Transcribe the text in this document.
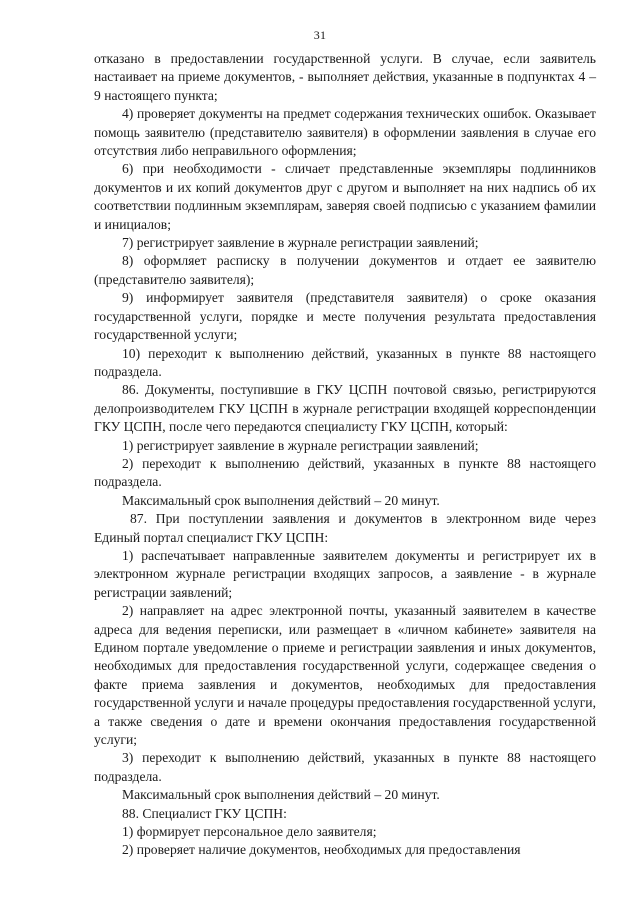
31

отказано в предоставлении государственной услуги. В случае, если заявитель настаивает на приеме документов, - выполняет действия, указанные в подпунктах 4 – 9 настоящего пункта;

4) проверяет документы на предмет содержания технических ошибок. Оказывает помощь заявителю (представителю заявителя) в оформлении заявления в случае его отсутствия либо неправильного оформления;

6) при необходимости - сличает представленные экземпляры подлинников документов и их копий документов друг с другом и выполняет на них надпись об их соответствии подлинным экземплярам, заверяя своей подписью с указанием фамилии и инициалов;

7) регистрирует заявление в журнале регистрации заявлений;

8) оформляет расписку в получении документов и отдает ее заявителю (представителю заявителя);

9) информирует заявителя (представителя заявителя) о сроке оказания государственной услуги, порядке и месте получения результата предоставления государственной услуги;

10) переходит к выполнению действий, указанных в пункте 88 настоящего подраздела.

86. Документы, поступившие в ГКУ ЦСПН почтовой связью, регистрируются делопроизводителем ГКУ ЦСПН в журнале регистрации входящей корреспонденции ГКУ ЦСПН, после чего передаются специалисту ГКУ ЦСПН, который:

1) регистрирует заявление в журнале регистрации заявлений;

2) переходит к выполнению действий, указанных в пункте 88 настоящего подраздела.

Максимальный срок выполнения действий – 20 минут.

87. При поступлении заявления и документов в электронном виде через Единый портал специалист ГКУ ЦСПН:

1) распечатывает направленные заявителем документы и регистрирует их в электронном журнале регистрации входящих запросов, а заявление - в журнале регистрации заявлений;

2) направляет на адрес электронной почты, указанный заявителем в качестве адреса для ведения переписки, или размещает в «личном кабинете» заявителя на Едином портале уведомление о приеме и регистрации заявления и иных документов, необходимых для предоставления государственной услуги, содержащее сведения о факте приема заявления и документов, необходимых для предоставления государственной услуги и начале процедуры предоставления государственной услуги, а также сведения о дате и времени окончания предоставления государственной услуги;

3) переходит к выполнению действий, указанных в пункте 88 настоящего подраздела.

Максимальный срок выполнения действий – 20 минут.

88. Специалист ГКУ ЦСПН:

1) формирует персональное дело заявителя;

2) проверяет наличие документов, необходимых для предоставления
